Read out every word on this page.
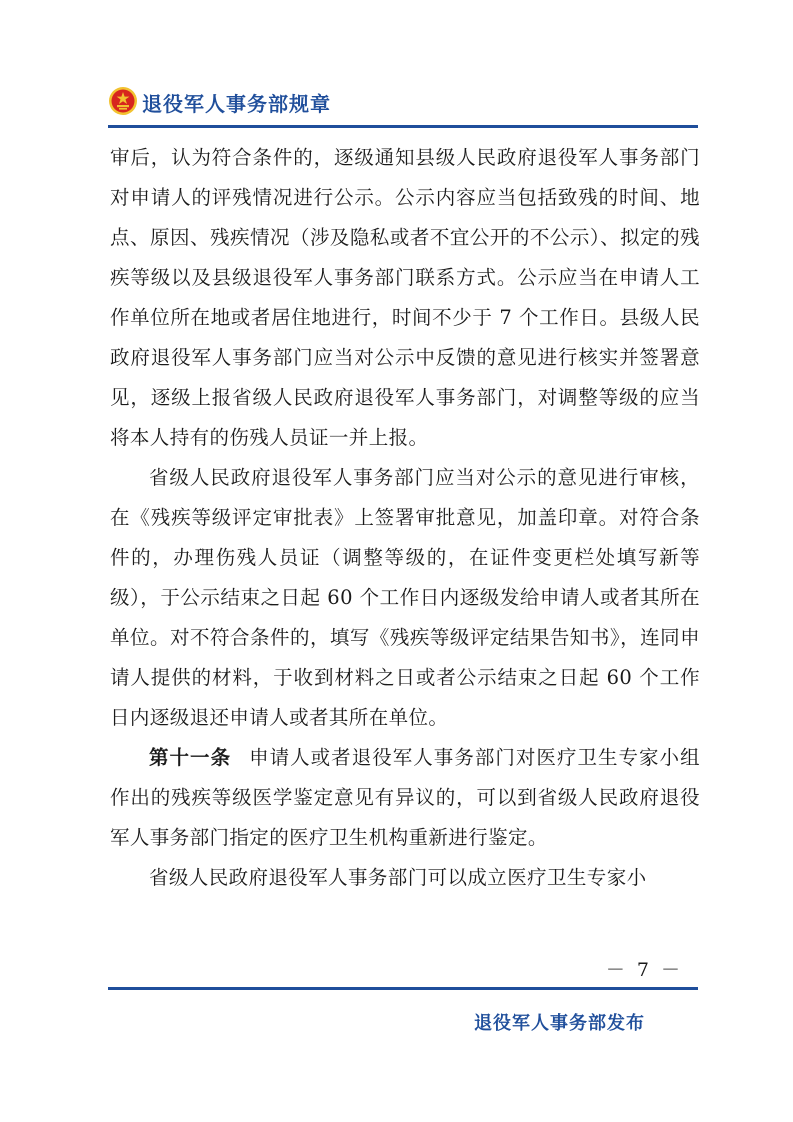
退役军人事务部规章

审后，认为符合条件的，逐级通知县级人民政府退役军人事务部门对申请人的评残情况进行公示。公示内容应当包括致残的时间、地点、原因、残疾情况（涉及隐私或者不宜公开的不公示）、拟定的残疾等级以及县级退役军人事务部门联系方式。公示应当在申请人工作单位所在地或者居住地进行，时间不少于 7 个工作日。县级人民政府退役军人事务部门应当对公示中反馈的意见进行核实并签署意见，逐级上报省级人民政府退役军人事务部门，对调整等级的应当将本人持有的伤残人员证一并上报。

省级人民政府退役军人事务部门应当对公示的意见进行审核，在《残疾等级评定审批表》上签署审批意见，加盖印章。对符合条件的，办理伤残人员证（调整等级的，在证件变更栏处填写新等级），于公示结束之日起 60 个工作日内逐级发给申请人或者其所在单位。对不符合条件的，填写《残疾等级评定结果告知书》，连同申请人提供的材料，于收到材料之日或者公示结束之日起 60 个工作日内逐级退还申请人或者其所在单位。

第十一条 申请人或者退役军人事务部门对医疗卫生专家小组作出的残疾等级医学鉴定意见有异议的，可以到省级人民政府退役军人事务部门指定的医疗卫生机构重新进行鉴定。

省级人民政府退役军人事务部门可以成立医疗卫生专家小

－ 7 －
退役军人事务部发布
